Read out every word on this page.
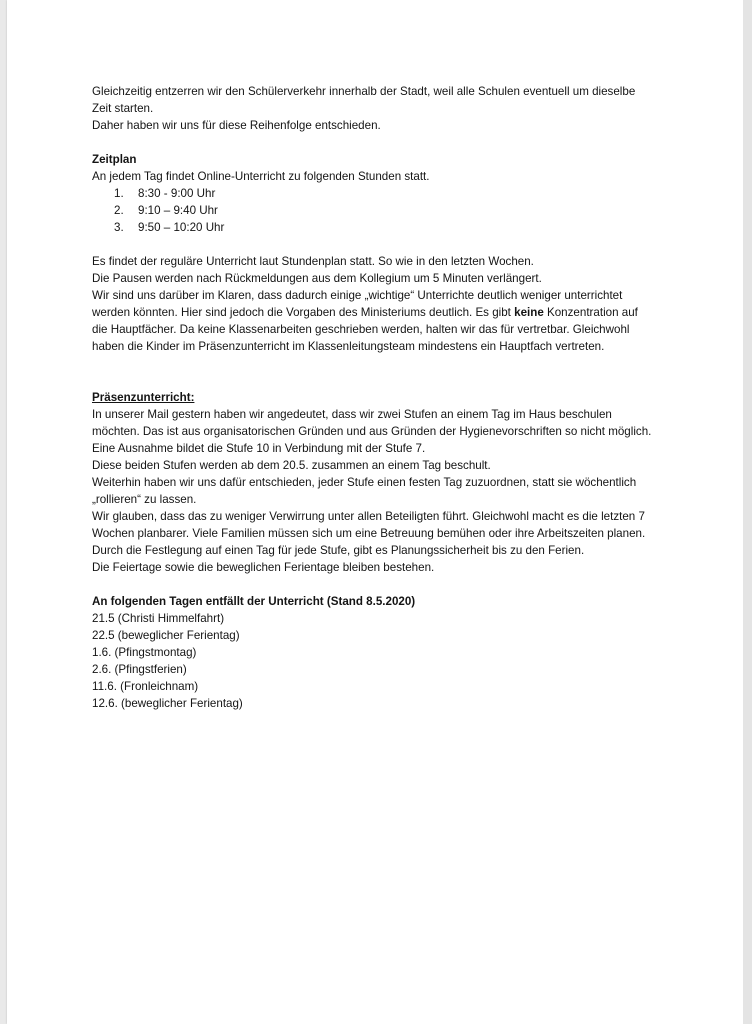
Gleichzeitig entzerren wir den Schülerverkehr innerhalb der Stadt, weil alle Schulen eventuell um dieselbe Zeit starten.

Daher haben wir uns für diese Reihenfolge entschieden.

Zeitplan

An jedem Tag findet Online-Unterricht zu folgenden Stunden statt.

1. 8:30 - 9:00 Uhr
2. 9:10 – 9:40 Uhr
3. 9:50 – 10:20 Uhr

Es findet der reguläre Unterricht laut Stundenplan statt. So wie in den letzten Wochen.

Die Pausen werden nach Rückmeldungen aus dem Kollegium um 5 Minuten verlängert.

Wir sind uns darüber im Klaren, dass dadurch einige „wichtige“ Unterrichte deutlich weniger unterrichtet werden könnten. Hier sind jedoch die Vorgaben des Ministeriums deutlich. Es gibt keine Konzentration auf die Hauptfächer. Da keine Klassenarbeiten geschrieben werden, halten wir das für vertretbar. Gleichwohl haben die Kinder im Präsenzunterricht im Klassenleitungsteam mindestens ein Hauptfach vertreten.

Präsenzunterricht:

In unserer Mail gestern haben wir angedeutet, dass wir zwei Stufen an einem Tag im Haus beschulen möchten. Das ist aus organisatorischen Gründen und aus Gründen der Hygienevorschriften so nicht möglich.

Eine Ausnahme bildet die Stufe 10 in Verbindung mit der Stufe 7.

Diese beiden Stufen werden ab dem 20.5. zusammen an einem Tag beschult.

Weiterhin haben wir uns dafür entschieden, jeder Stufe einen festen Tag zuzuordnen, statt sie wöchentlich „rollieren“ zu lassen.

Wir glauben, dass das zu weniger Verwirrung unter allen Beteiligten führt. Gleichwohl macht es die letzten 7 Wochen planbarer. Viele Familien müssen sich um eine Betreuung bemühen oder ihre Arbeitszeiten planen. Durch die Festlegung auf einen Tag für jede Stufe, gibt es Planungssicherheit bis zu den Ferien.

Die Feiertage sowie die beweglichen Ferientage bleiben bestehen.

An folgenden Tagen entfällt der Unterricht (Stand 8.5.2020)

21.5 (Christi Himmelfahrt)

22.5 (beweglicher Ferientag)

1.6. (Pfingstmontag)

2.6. (Pfingstferien)

11.6. (Fronleichnam)

12.6. (beweglicher Ferientag)
